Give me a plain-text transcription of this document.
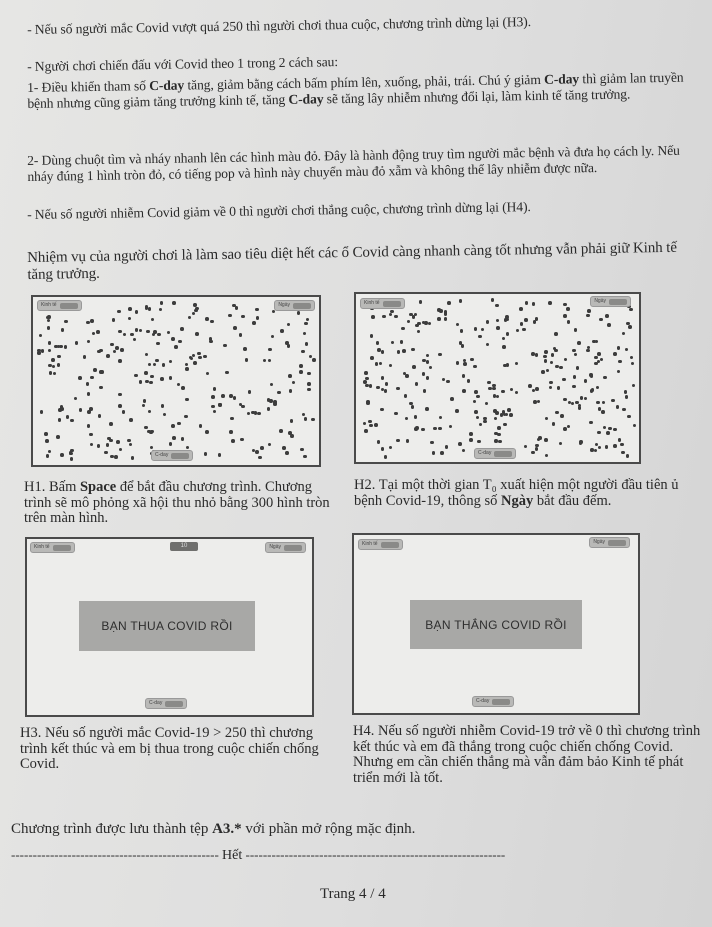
- Nếu số người mắc Covid vượt quá 250 thì người chơi thua cuộc, chương trình dừng lại (H3).
- Người chơi chiến đấu với Covid theo 1 trong 2 cách sau:
1- Điều khiển tham số C-day tăng, giảm bằng cách bấm phím lên, xuống, phải, trái. Chú ý giảm C-day thì giảm lan truyền bệnh nhưng cũng giảm tăng trưởng kinh tế, tăng C-day sẽ tăng lây nhiễm nhưng đổi lại, làm kinh tế tăng trưởng.
2- Dùng chuột tìm và nháy nhanh lên các hình màu đỏ. Đây là hành động truy tìm người mắc bệnh và đưa họ cách ly. Nếu nháy đúng 1 hình tròn đỏ, có tiếng pop và hình này chuyển màu đỏ xẫm và không thể lây nhiễm được nữa.
- Nếu số người nhiễm Covid giảm về 0 thì người chơi thắng cuộc, chương trình dừng lại (H4).
Nhiệm vụ của người chơi là làm sao tiêu diệt hết các ổ Covid càng nhanh càng tốt nhưng vẫn phải giữ Kinh tế tăng trưởng.
Kinh tế	Ngày
C-day
Kinh tế	Ngày
C-day
H1. Bấm Space để bắt đầu chương trình. Chương trình sẽ mô phỏng xã hội thu nhỏ bằng 300 hình tròn trên màn hình.
H2. Tại một thời gian T₀ xuất hiện một người đầu tiên ủ bệnh Covid-19, thông số Ngày bắt đầu đếm.
Kinh tế	10	Ngày
BẠN THUA COVID RỒI
C-day
Kinh tế	Ngày
BẠN THẮNG COVID RỒI
C-day
H3. Nếu số người mắc Covid-19 > 250 thì chương trình kết thúc và em bị thua trong cuộc chiến chống Covid.
H4. Nếu số người nhiễm Covid-19 trở về 0 thì chương trình kết thúc và em đã thắng trong cuộc chiến chống Covid. Nhưng em cần chiến thắng mà vẫn đảm bảo Kinh tế phát triển mới là tốt.
Chương trình được lưu thành tệp A3.* với phần mở rộng mặc định.
------------------------------------------------ Hết ------------------------------------------------------------
Trang 4 / 4
